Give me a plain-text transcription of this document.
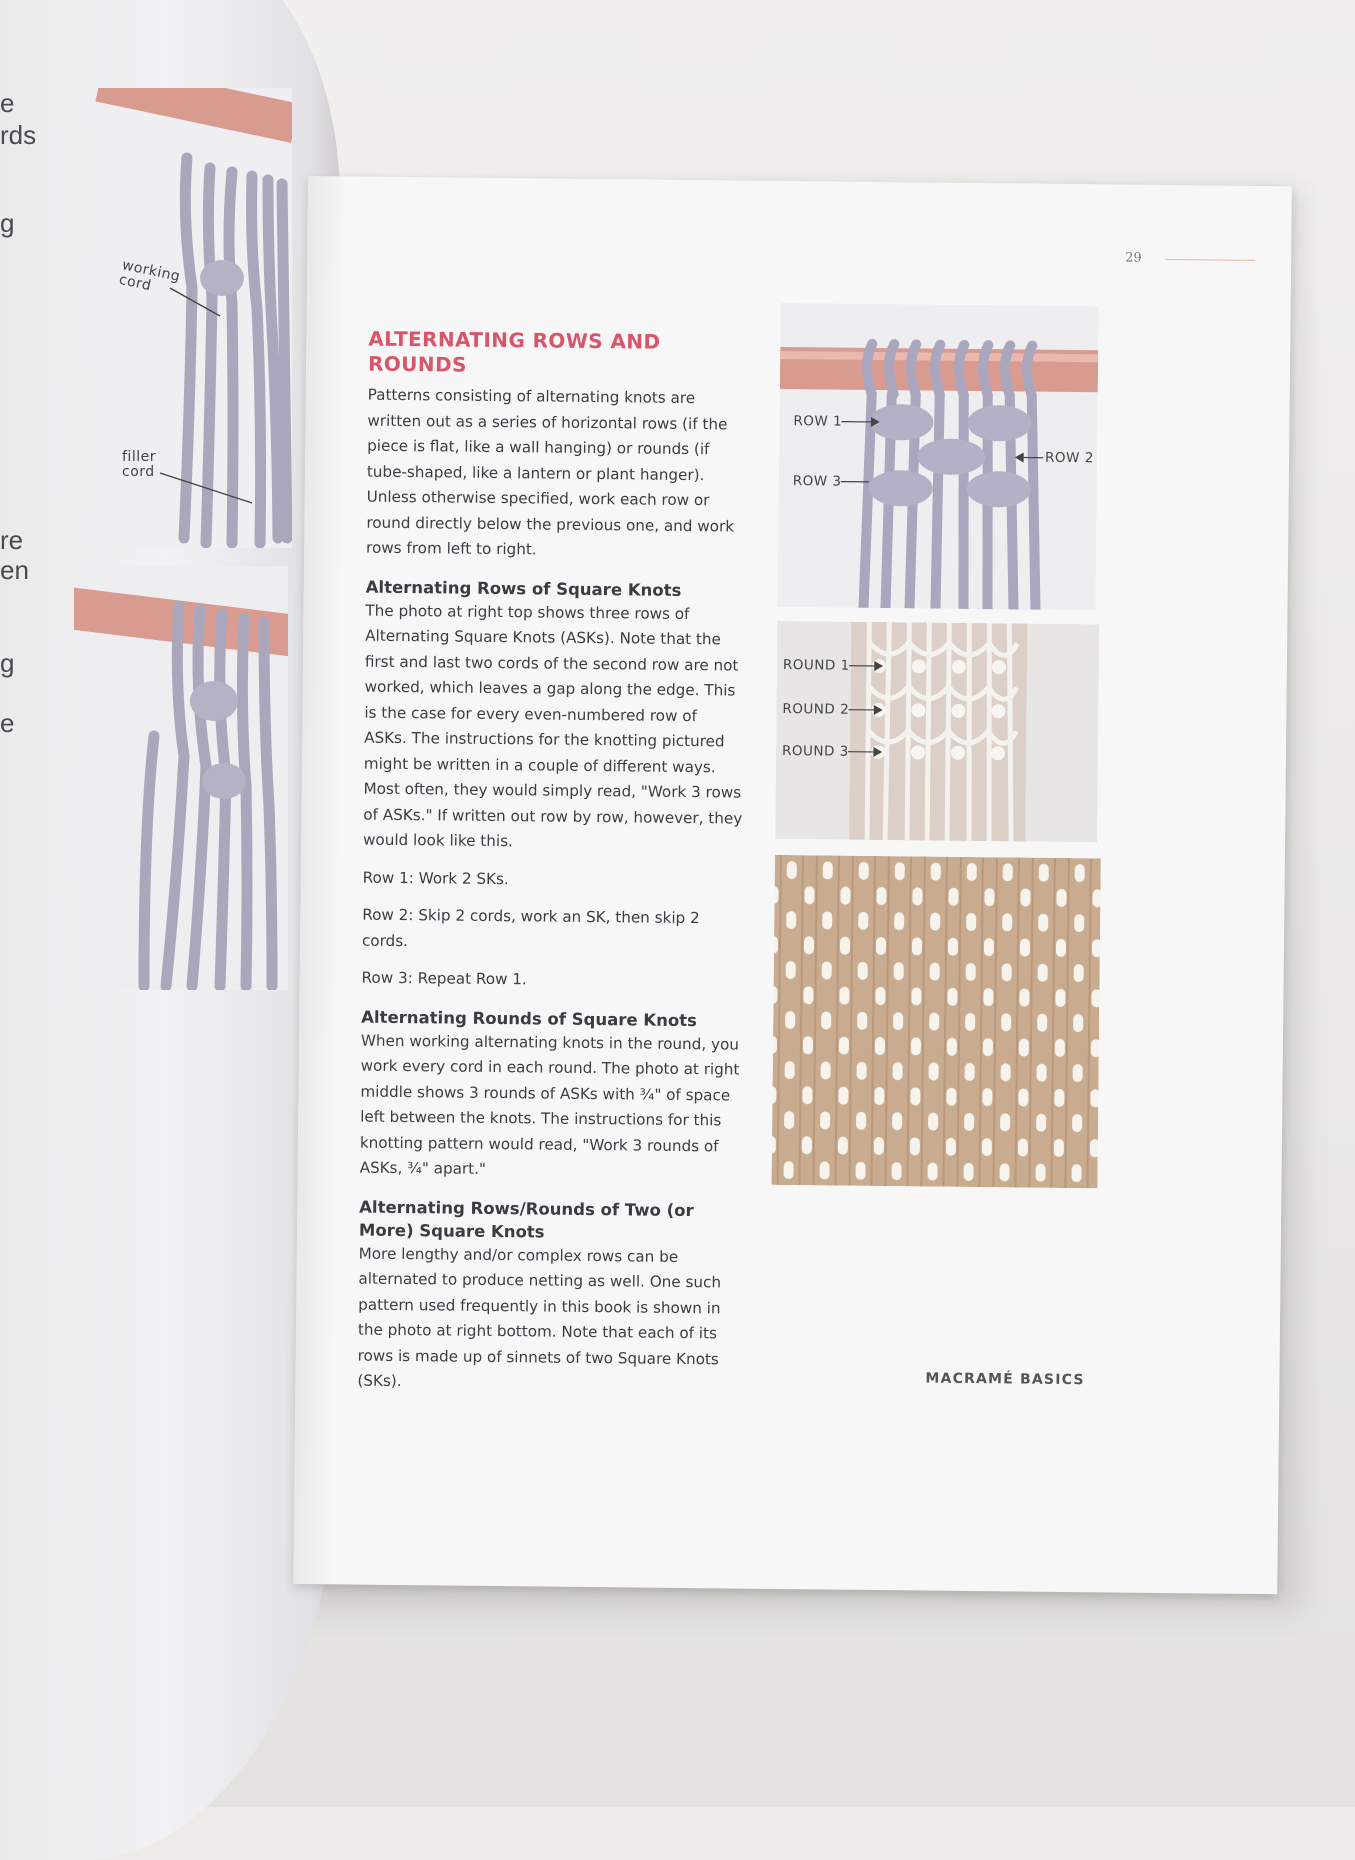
e
rds
g
re
en
g
e
working cord
filler cord
29
ALTERNATING ROWS AND ROUNDS

Patterns consisting of alternating knots are written out as a series of horizontal rows (if the piece is flat, like a wall hanging) or rounds (if tube-shaped, like a lantern or plant hanger). Unless otherwise specified, work each row or round directly below the previous one, and work rows from left to right.

Alternating Rows of Square Knots

The photo at right top shows three rows of Alternating Square Knots (ASKs). Note that the first and last two cords of the second row are not worked, which leaves a gap along the edge. This is the case for every even-numbered row of ASKs. The instructions for the knotting pictured might be written in a couple of different ways. Most often, they would simply read, "Work 3 rows of ASKs." If written out row by row, however, they would look like this.

Row 1: Work 2 SKs.

Row 2: Skip 2 cords, work an SK, then skip 2 cords.

Row 3: Repeat Row 1.

Alternating Rounds of Square Knots

When working alternating knots in the round, you work every cord in each round. The photo at right middle shows 3 rounds of ASKs with ¾" of space left between the knots. The instructions for this knotting pattern would read, "Work 3 rounds of ASKs, ¾" apart."

Alternating Rows/Rounds of Two (or More) Square Knots

More lengthy and/or complex rows can be alternated to produce netting as well. One such pattern used frequently in this book is shown in the photo at right bottom. Note that each of its rows is made up of sinnets of two Square Knots (SKs).

ROW 1
ROW 2
ROW 3
ROUND 1
ROUND 2
ROUND 3
MACRAMÉ BASICS
